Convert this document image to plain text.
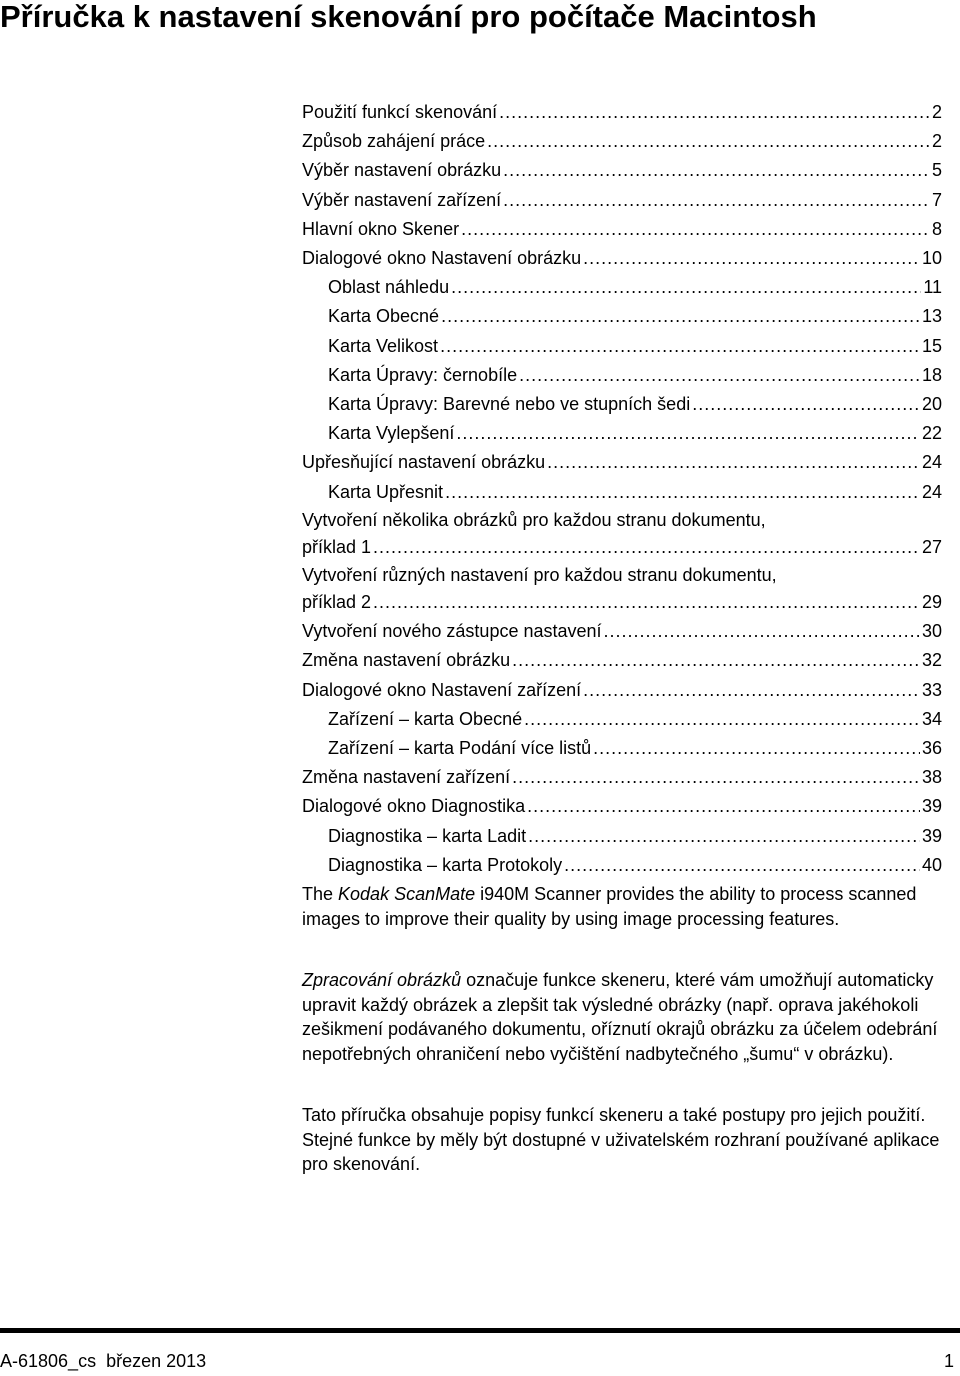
Příručka k nastavení skenování pro počítače Macintosh
Použití funkcí skenování .....	2
Způsob zahájení práce .....	2
Výběr nastavení obrázku .....	5
Výběr nastavení zařízení .....	7
Hlavní okno Skener .....	8
Dialogové okno Nastavení obrázku .....	10
Oblast náhledu .....	11
Karta Obecné .....	13
Karta Velikost .....	15
Karta Úpravy: černobíle .....	18
Karta Úpravy: Barevné nebo ve stupních šedi .....	20
Karta Vylepšení .....	22
Upřesňující nastavení obrázku .....	24
Karta Upřesnit .....	24
Vytvoření několika obrázků pro každou stranu dokumentu,
příklad 1 .....	27
Vytvoření různých nastavení pro každou stranu dokumentu,
příklad 2 .....	29
Vytvoření nového zástupce nastavení .....	30
Změna nastavení obrázku .....	32
Dialogové okno Nastavení zařízení .....	33
Zařízení – karta Obecné .....	34
Zařízení – karta Podání více listů .....	36
Změna nastavení zařízení .....	38
Dialogové okno Diagnostika .....	39
Diagnostika – karta Ladit .....	39
Diagnostika – karta Protokoly .....	40

The Kodak ScanMate i940M Scanner provides the ability to process scanned images to improve their quality by using image processing features.

Zpracování obrázků označuje funkce skeneru, které vám umožňují automaticky upravit každý obrázek a zlepšit tak výsledné obrázky (např. oprava jakéhokoli zešikmení podávaného dokumentu, oříznutí okrajů obrázku za účelem odebrání nepotřebných ohraničení nebo vyčištění nadbytečného „šumu“ v obrázku).

Tato příručka obsahuje popisy funkcí skeneru a také postupy pro jejich použití. Stejné funkce by měly být dostupné v uživatelském rozhraní používané aplikace pro skenování.

A-61806_cs  březen 2013	1
